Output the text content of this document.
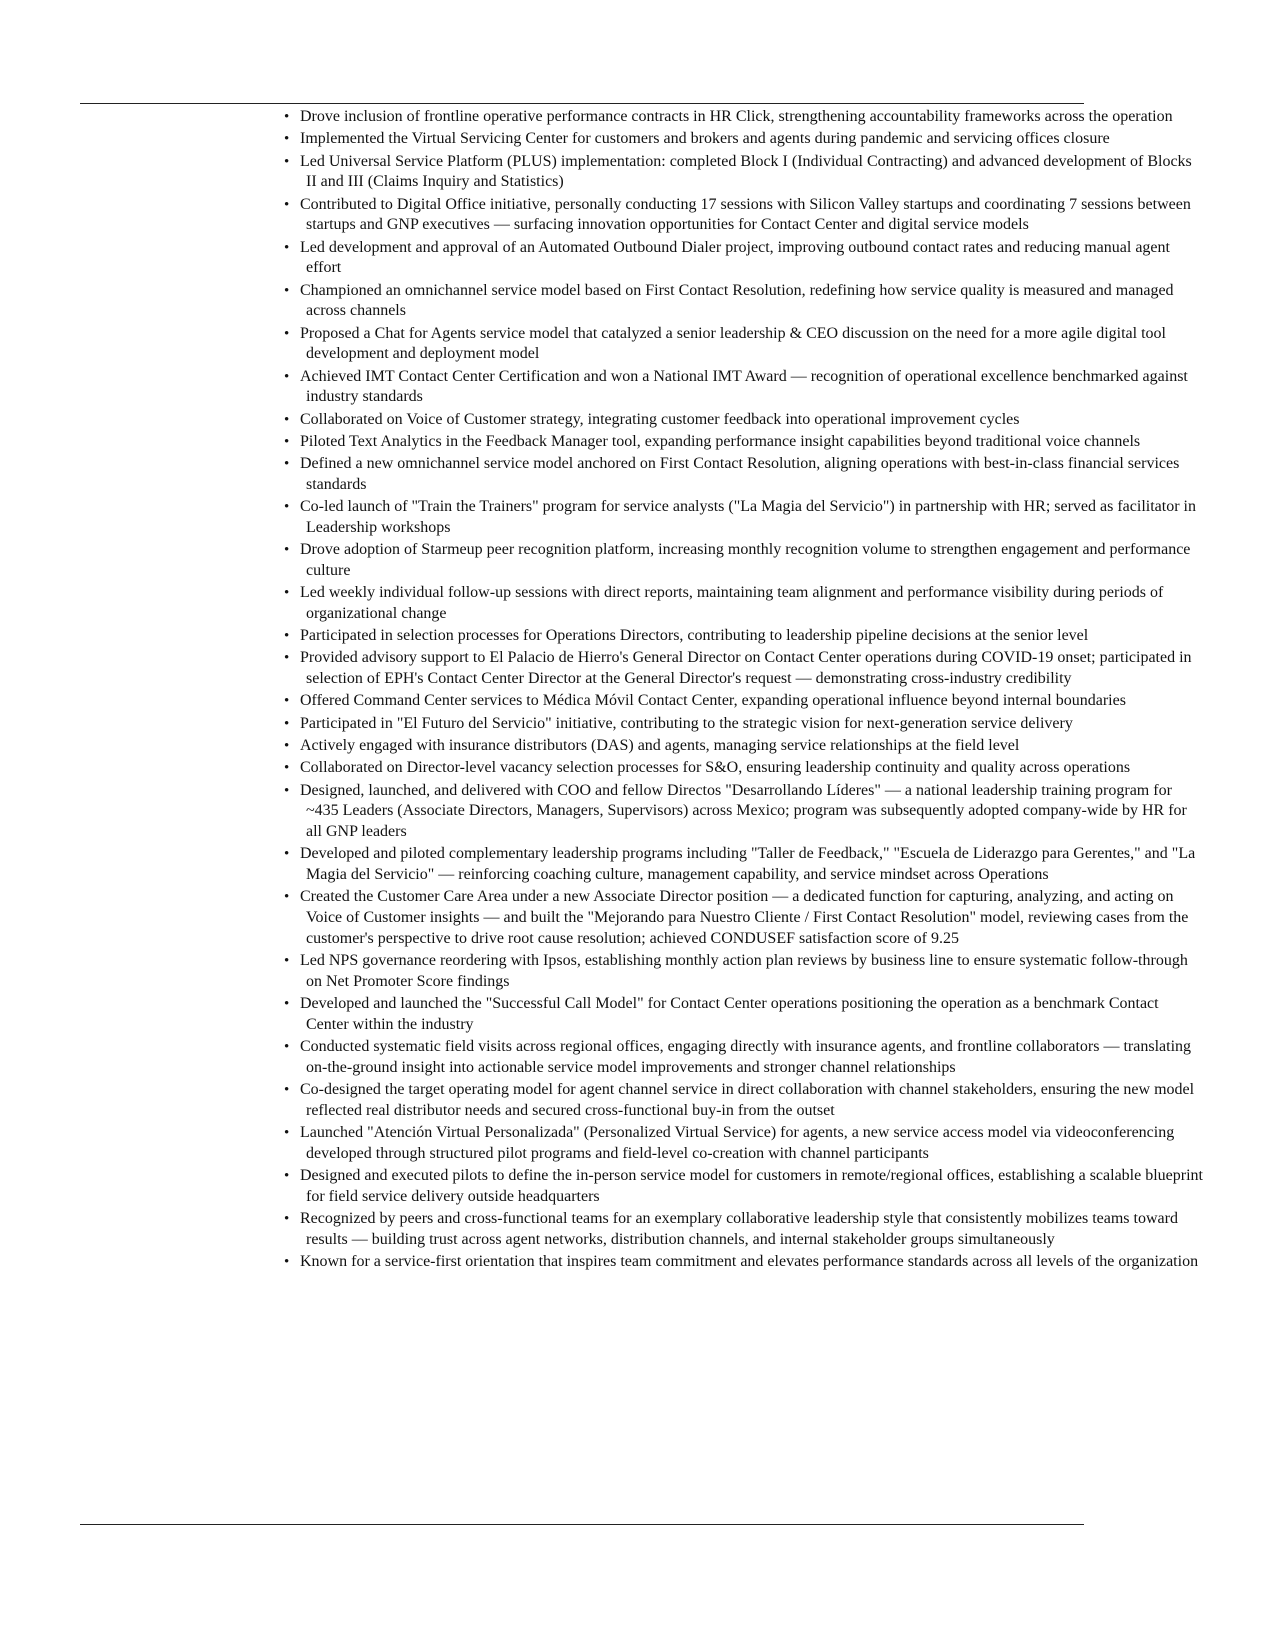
• Drove inclusion of frontline operative performance contracts in HR Click, strengthening accountability frameworks across the operation
• Implemented the Virtual Servicing Center for customers and brokers and agents during pandemic and servicing offices closure
• Led Universal Service Platform (PLUS) implementation: completed Block I (Individual Contracting) and advanced development of Blocks II and III (Claims Inquiry and Statistics)
• Contributed to Digital Office initiative, personally conducting 17 sessions with Silicon Valley startups and coordinating 7 sessions between startups and GNP executives — surfacing innovation opportunities for Contact Center and digital service models
• Led development and approval of an Automated Outbound Dialer project, improving outbound contact rates and reducing manual agent effort
• Championed an omnichannel service model based on First Contact Resolution, redefining how service quality is measured and managed across channels
• Proposed a Chat for Agents service model that catalyzed a senior leadership & CEO discussion on the need for a more agile digital tool development and deployment model
• Achieved IMT Contact Center Certification and won a National IMT Award — recognition of operational excellence benchmarked against industry standards
• Collaborated on Voice of Customer strategy, integrating customer feedback into operational improvement cycles
• Piloted Text Analytics in the Feedback Manager tool, expanding performance insight capabilities beyond traditional voice channels
• Defined a new omnichannel service model anchored on First Contact Resolution, aligning operations with best-in-class financial services standards
• Co-led launch of "Train the Trainers" program for service analysts ("La Magia del Servicio") in partnership with HR; served as facilitator in Leadership workshops
• Drove adoption of Starmeup peer recognition platform, increasing monthly recognition volume to strengthen engagement and performance culture
• Led weekly individual follow-up sessions with direct reports, maintaining team alignment and performance visibility during periods of organizational change
• Participated in selection processes for Operations Directors, contributing to leadership pipeline decisions at the senior level
• Provided advisory support to El Palacio de Hierro's General Director on Contact Center operations during COVID-19 onset; participated in selection of EPH's Contact Center Director at the General Director's request — demonstrating cross-industry credibility
• Offered Command Center services to Médica Móvil Contact Center, expanding operational influence beyond internal boundaries
• Participated in "El Futuro del Servicio" initiative, contributing to the strategic vision for next-generation service delivery
• Actively engaged with insurance distributors (DAS) and agents, managing service relationships at the field level
• Collaborated on Director-level vacancy selection processes for S&O, ensuring leadership continuity and quality across operations
• Designed, launched, and delivered with COO and fellow Directos "Desarrollando Líderes" — a national leadership training program for ~435 Leaders (Associate Directors, Managers, Supervisors) across Mexico; program was subsequently adopted company-wide by HR for all GNP leaders
• Developed and piloted complementary leadership programs including "Taller de Feedback," "Escuela de Liderazgo para Gerentes," and "La Magia del Servicio" — reinforcing coaching culture, management capability, and service mindset across Operations
• Created the Customer Care Area under a new Associate Director position — a dedicated function for capturing, analyzing, and acting on Voice of Customer insights — and built the "Mejorando para Nuestro Cliente / First Contact Resolution" model, reviewing cases from the customer's perspective to drive root cause resolution; achieved CONDUSEF satisfaction score of 9.25
• Led NPS governance reordering with Ipsos, establishing monthly action plan reviews by business line to ensure systematic follow-through on Net Promoter Score findings
• Developed and launched the "Successful Call Model" for Contact Center operations positioning the operation as a benchmark Contact Center within the industry
• Conducted systematic field visits across regional offices, engaging directly with insurance agents, and frontline collaborators — translating on-the-ground insight into actionable service model improvements and stronger channel relationships
• Co-designed the target operating model for agent channel service in direct collaboration with channel stakeholders, ensuring the new model reflected real distributor needs and secured cross-functional buy-in from the outset
• Launched "Atención Virtual Personalizada" (Personalized Virtual Service) for agents, a new service access model via videoconferencing developed through structured pilot programs and field-level co-creation with channel participants
• Designed and executed pilots to define the in-person service model for customers in remote/regional offices, establishing a scalable blueprint for field service delivery outside headquarters
• Recognized by peers and cross-functional teams for an exemplary collaborative leadership style that consistently mobilizes teams toward results — building trust across agent networks, distribution channels, and internal stakeholder groups simultaneously
• Known for a service-first orientation that inspires team commitment and elevates performance standards across all levels of the organization
